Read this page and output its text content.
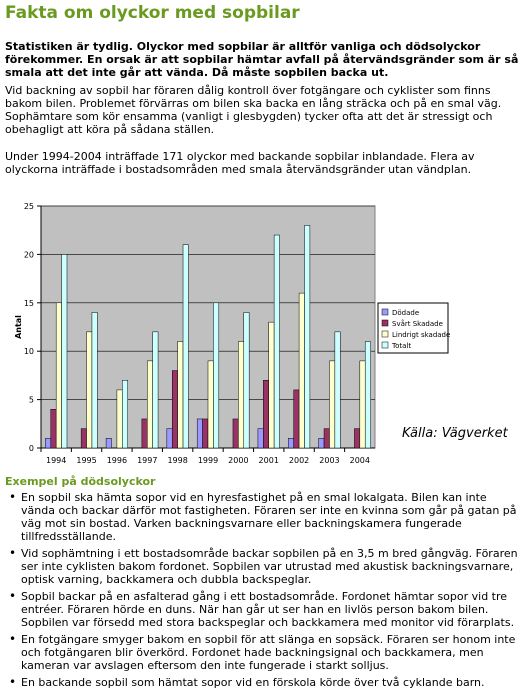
Fakta om olyckor med sopbilar

Statistiken är tydlig. Olyckor med sopbilar är alltför vanliga och dödsolyckor förekommer. En orsak är att sopbilar hämtar avfall på återvändsgränder som är så smala att det inte går att vända. Då måste sopbilen backa ut.

Vid backning av sopbil har föraren dålig kontroll över fotgängare och cyklister som finns bakom bilen. Problemet förvärras om bilen ska backa en lång sträcka och på en smal väg. Sophämtare som kör ensamma (vanligt i glesbygden) tycker ofta att det är stressigt och obehagligt att köra på sådana ställen.

Under 1994-2004 inträffade 171 olyckor med backande sopbilar inblandade. Flera av olyckorna inträffade i bostadsområden med smala återvändsgränder utan vändplan.

0
5
10
15
20
25
Antal
1994 1995 1996 1997 1998 1999 2000 2001 2002 2003 2004
Dödade
Svårt Skadade
Lindrigt skadade
Totalt
Källa: Vägverket
Exempel på dödsolyckor
• En sopbil ska hämta sopor vid en hyresfastighet på en smal lokalgata. Bilen kan inte vända och backar därför mot fastigheten. Föraren ser inte en kvinna som går på gatan på väg mot sin bostad. Varken backningsvarnare eller backningskamera fungerade tillfredsställande.
• Vid sophämtning i ett bostadsområde backar sopbilen på en 3,5 m bred gångväg. Föraren ser inte cyklisten bakom fordonet. Sopbilen var utrustad med akustisk backningsvarnare, optisk varning, backkamera och dubbla backspeglar.
• Sopbil backar på en asfalterad gång i ett bostadsområde. Fordonet hämtar sopor vid tre entréer. Föraren hörde en duns. När han går ut ser han en livlös person bakom bilen. Sopbilen var försedd med stora backspeglar och backkamera med monitor vid förarplats.
• En fotgängare smyger bakom en sopbil för att slänga en sopsäck. Föraren ser honom inte och fotgängaren blir överkörd. Fordonet hade backningsignal och backkamera, men kameran var avslagen eftersom den inte fungerade i starkt solljus.
• En backande sopbil som hämtat sopor vid en förskola körde över två cyklande barn.
